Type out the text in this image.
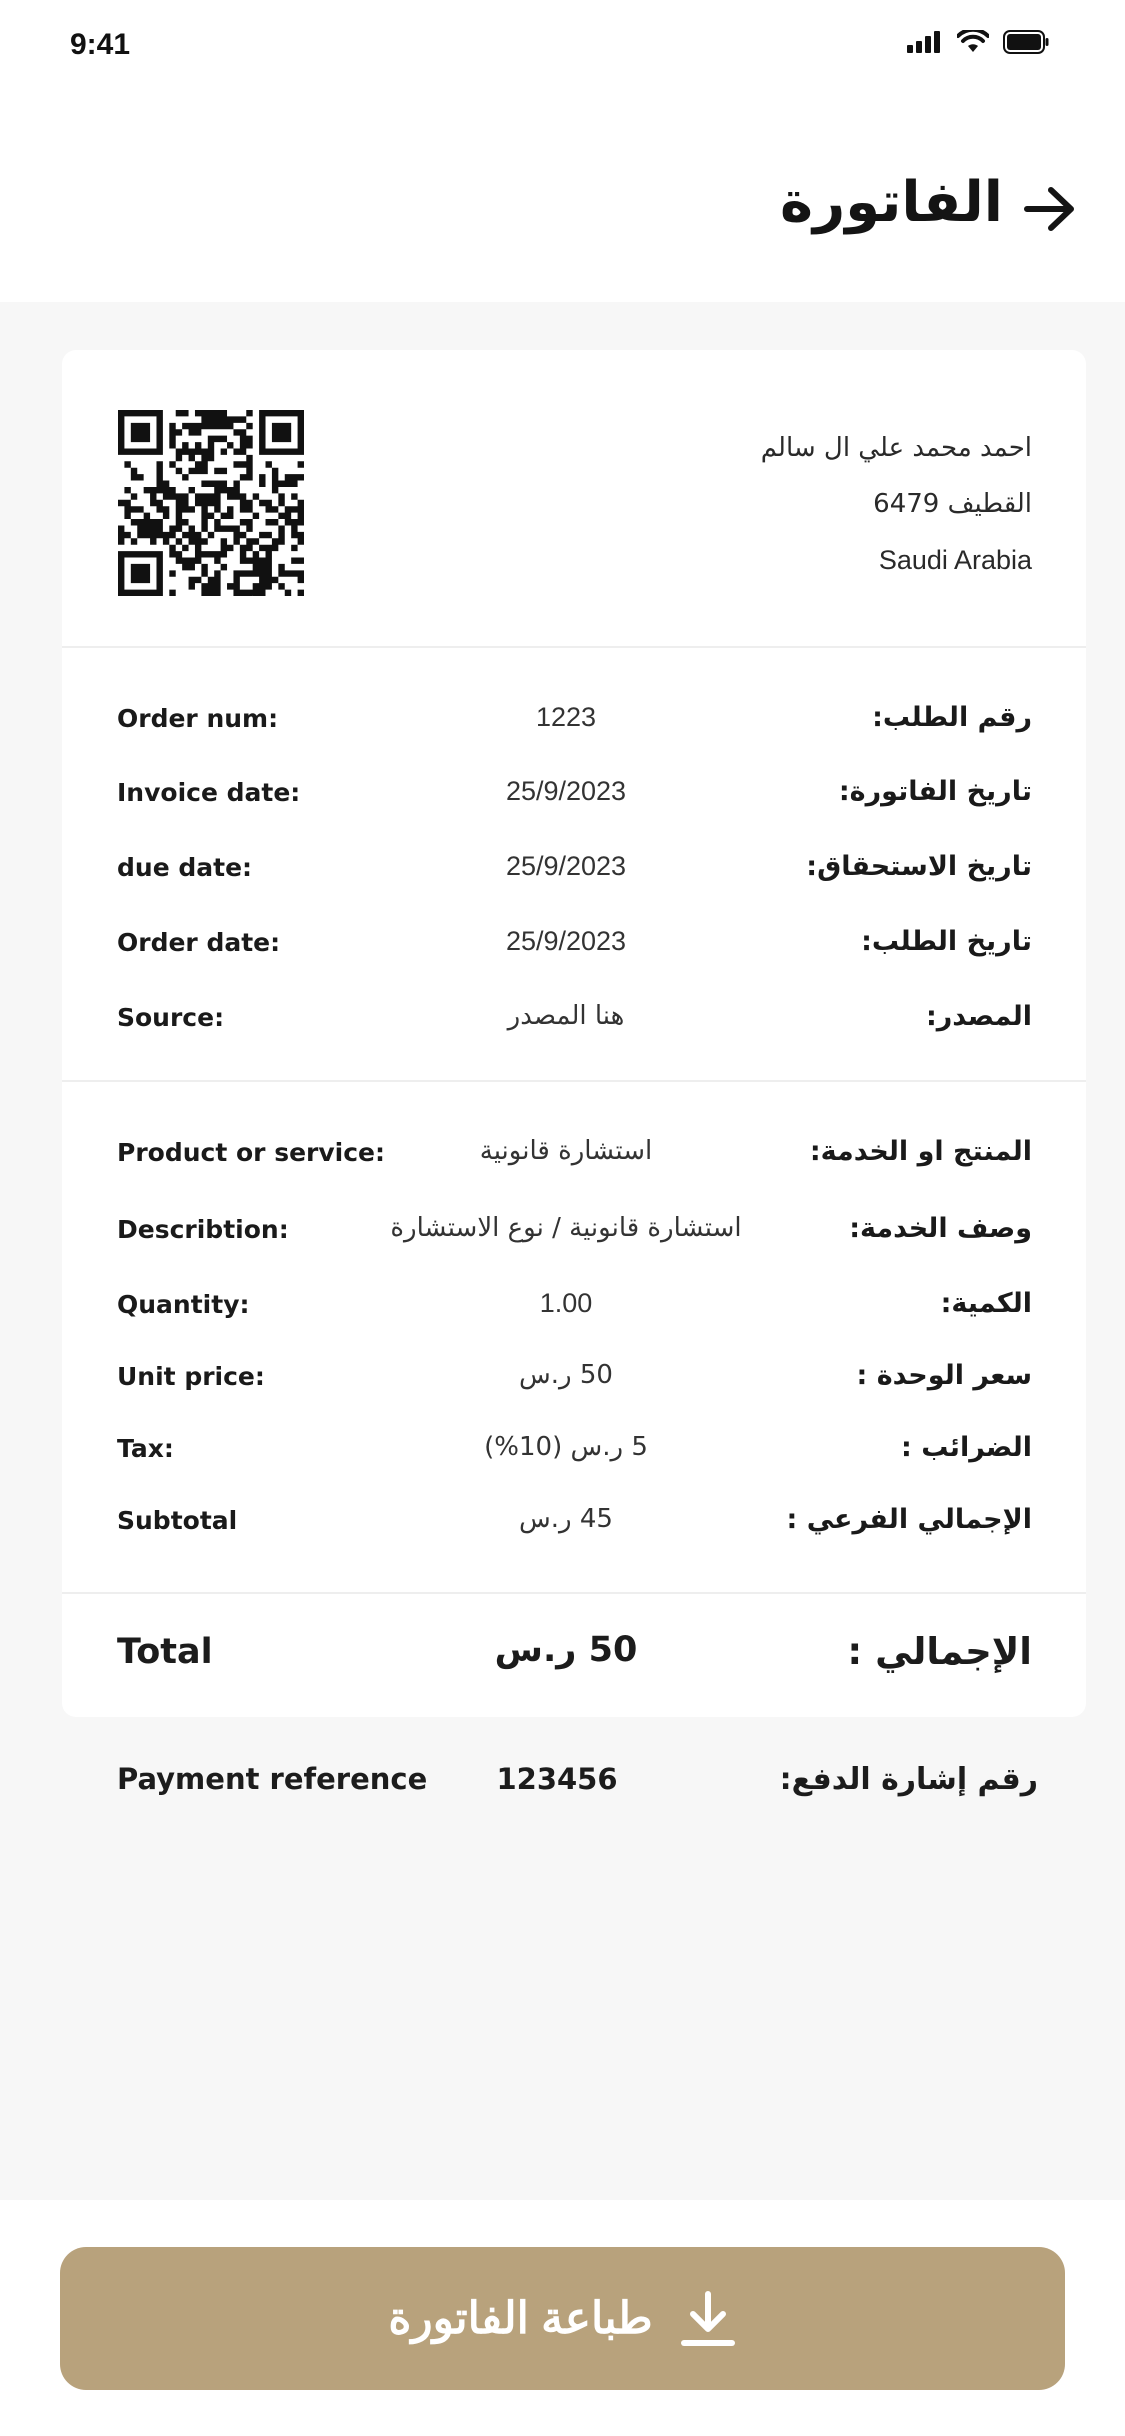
9:41
الفاتورة
احمد محمد علي ال سالم
القطيف 6479
Saudi Arabia
Order num:	1223	رقم الطلب:
Invoice date:	25/9/2023	تاريخ الفاتورة:
due date:	25/9/2023	تاريخ الاستحقاق:
Order date:	25/9/2023	تاريخ الطلب:
Source:	هنا المصدر	المصدر:
Product or service:	استشارة قانونية	المنتج او الخدمة:
Describtion:	استشارة قانونية / نوع الاستشارة	وصف الخدمة:
Quantity:	1.00	الكمية:
Unit price:	50 ر.س	سعر الوحدة :
Tax:	5 ر.س (10%)	الضرائب :
Subtotal	45 ر.س	الإجمالي الفرعي :
Total	50 ر.س	الإجمالي :
Payment reference 123456	رقم إشارة الدفع:
طباعة الفاتورة
